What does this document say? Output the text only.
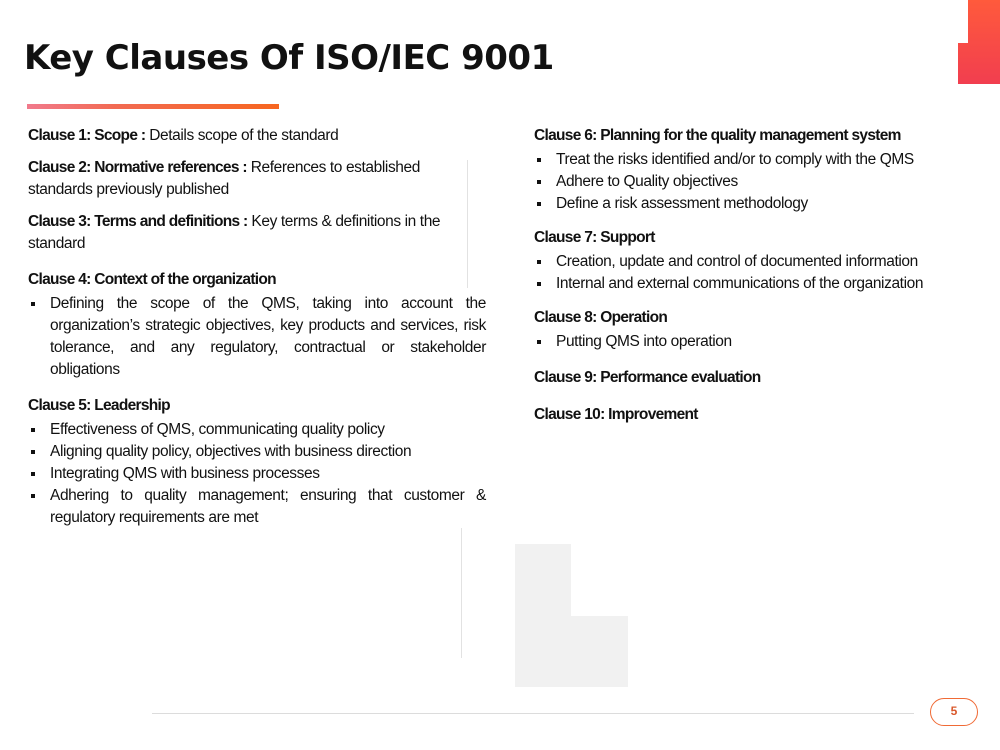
Key Clauses Of ISO/IEC 9001
Clause 1: Scope : Details scope of the standard
Clause 2: Normative references : References to established standards previously published
Clause 3: Terms and definitions : Key terms & definitions in the standard
Clause 4: Context of the organization
Defining the scope of the QMS, taking into account the organization’s strategic objectives, key products and services, risk tolerance, and any regulatory, contractual or stakeholder obligations
Clause 5: Leadership
Effectiveness of QMS, communicating quality policy
Aligning quality policy, objectives with business direction
Integrating QMS with business processes
Adhering to quality management; ensuring that customer & regulatory requirements are met
Clause 6: Planning for the quality management system
Treat the risks identified and/or to comply with the QMS
Adhere to Quality objectives
Define a risk assessment methodology
Clause 7: Support
Creation, update and control of documented information
Internal and external communications of the organization
Clause 8: Operation
Putting QMS into operation
Clause 9: Performance evaluation
Clause 10: Improvement
5
